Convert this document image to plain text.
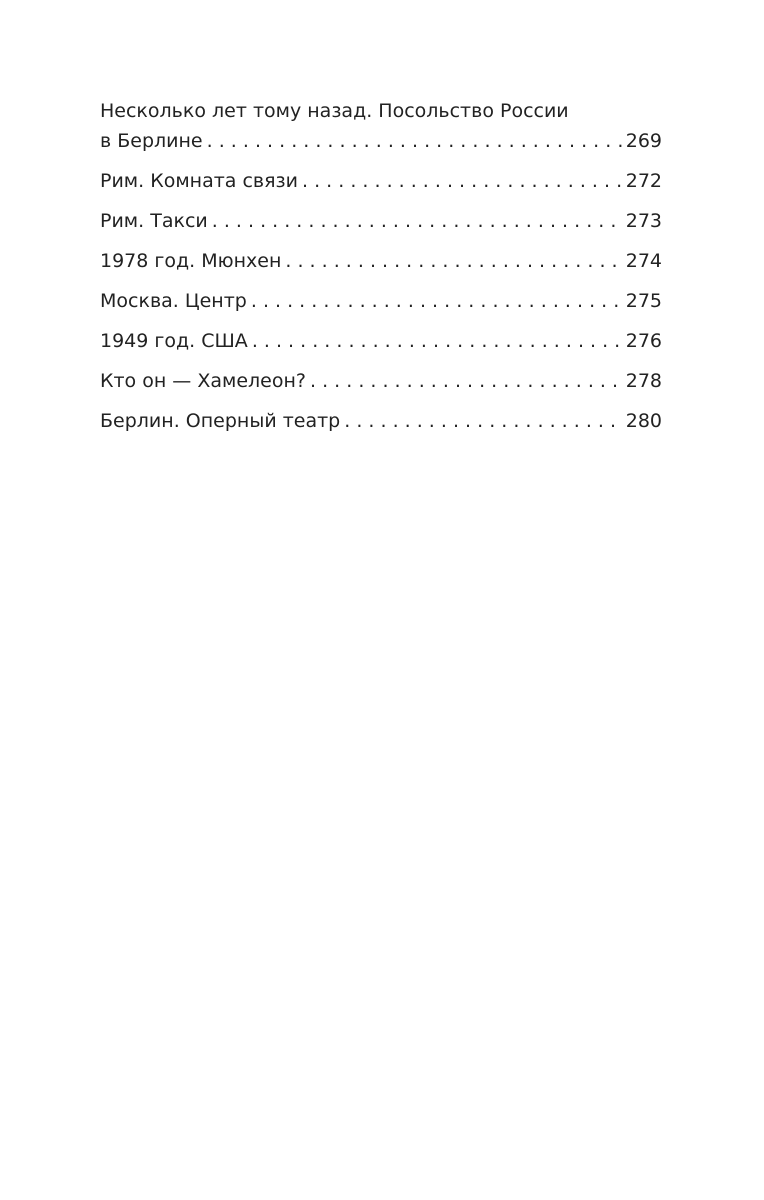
Несколько лет тому назад. Посольство России
в Берлине . . .	269
Рим. Комната связи . . .	272
Рим. Такси . . .	273
1978 год. Мюнхен . . .	274
Москва. Центр . . .	275
1949 год. США . . .	276
Кто он — Хамелеон? . . .	278
Берлин. Оперный театр . . .	280
